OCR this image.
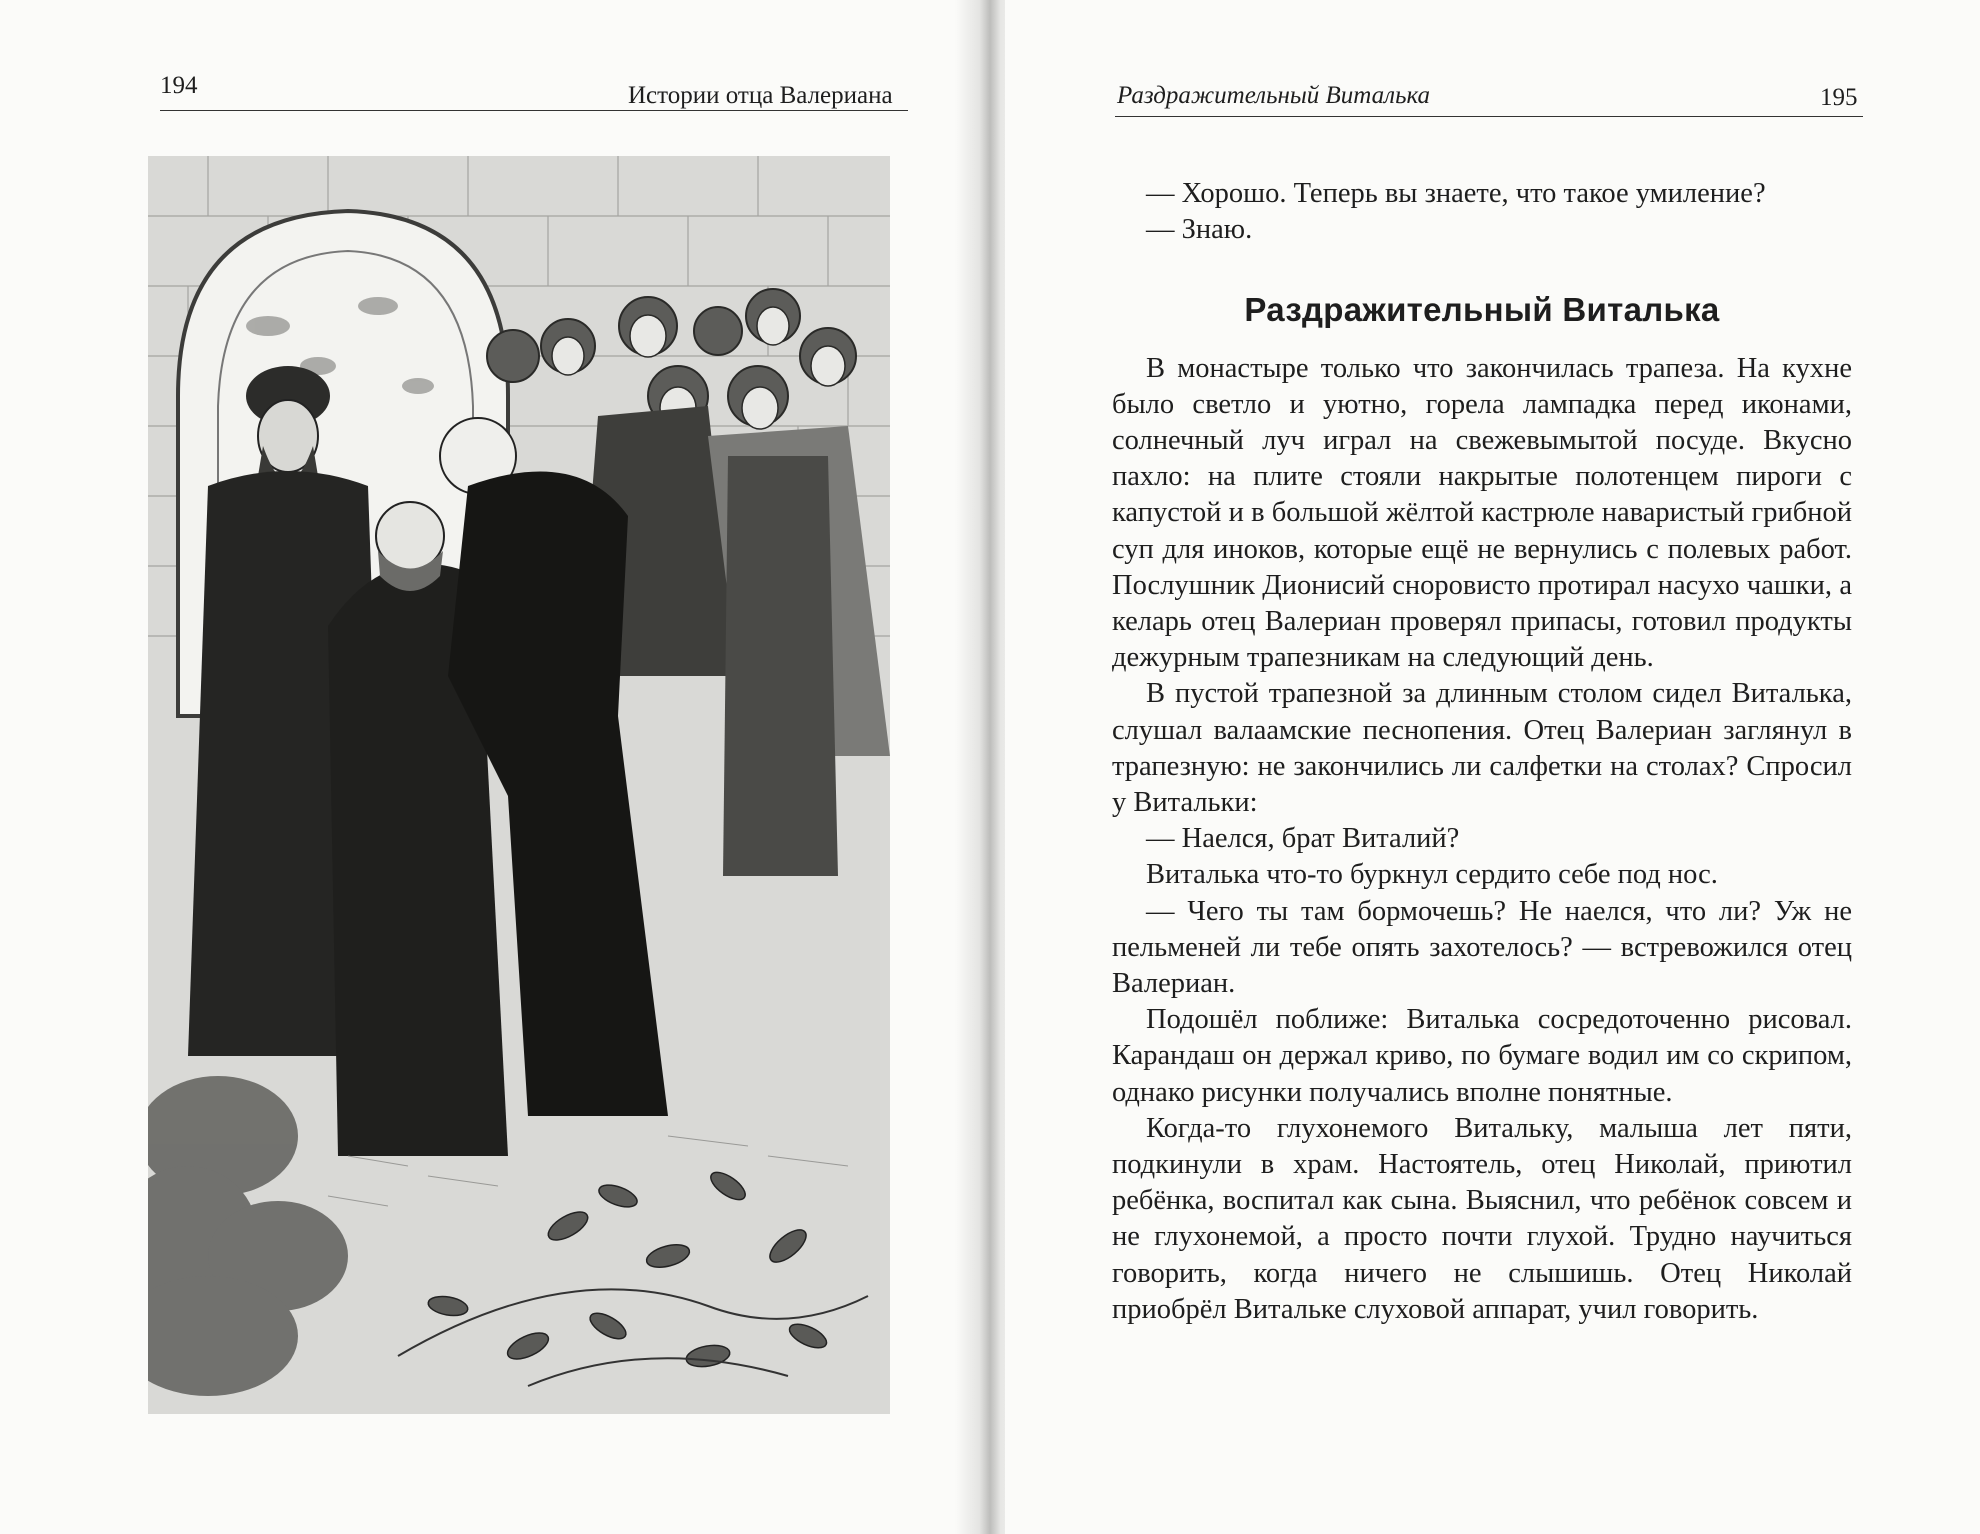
194	Истории отца Валериана	Раздражительный Виталька	195

— Хорошо. Теперь вы знаете, что такое умиление?

— Знаю.

Раздражительный Виталька

В монастыре только что закончилась трапеза. На кухне было светло и уютно, горела лампадка перед иконами, солнечный луч играл на свежевымытой посуде. Вкусно пахло: на плите стояли накрытые полотенцем пироги с капустой и в большой жёлтой кастрюле наваристый грибной суп для иноков, которые ещё не вернулись с полевых работ. Послушник Дионисий сноровисто протирал насухо чашки, а келарь отец Валериан проверял припасы, готовил продукты дежурным трапезникам на следующий день.

В пустой трапезной за длинным столом сидел Виталька, слушал валаамские песнопения. Отец Валериан заглянул в трапезную: не закончились ли салфетки на столах? Спросил у Витальки:

— Наелся, брат Виталий?

Виталька что-то буркнул сердито себе под нос.

— Чего ты там бормочешь? Не наелся, что ли? Уж не пельменей ли тебе опять захотелось? — встревожился отец Валериан.

Подошёл поближе: Виталька сосредоточенно рисовал. Карандаш он держал криво, по бумаге водил им со скрипом, однако рисунки получались вполне понятные.

Когда-то глухонемого Витальку, малыша лет пяти, подкинули в храм. Настоятель, отец Николай, приютил ребёнка, воспитал как сына. Выяснил, что ребёнок совсем и не глухонемой, а просто почти глухой. Трудно научиться говорить, когда ничего не слышишь. Отец Николай приобрёл Витальке слуховой аппарат, учил говорить.
